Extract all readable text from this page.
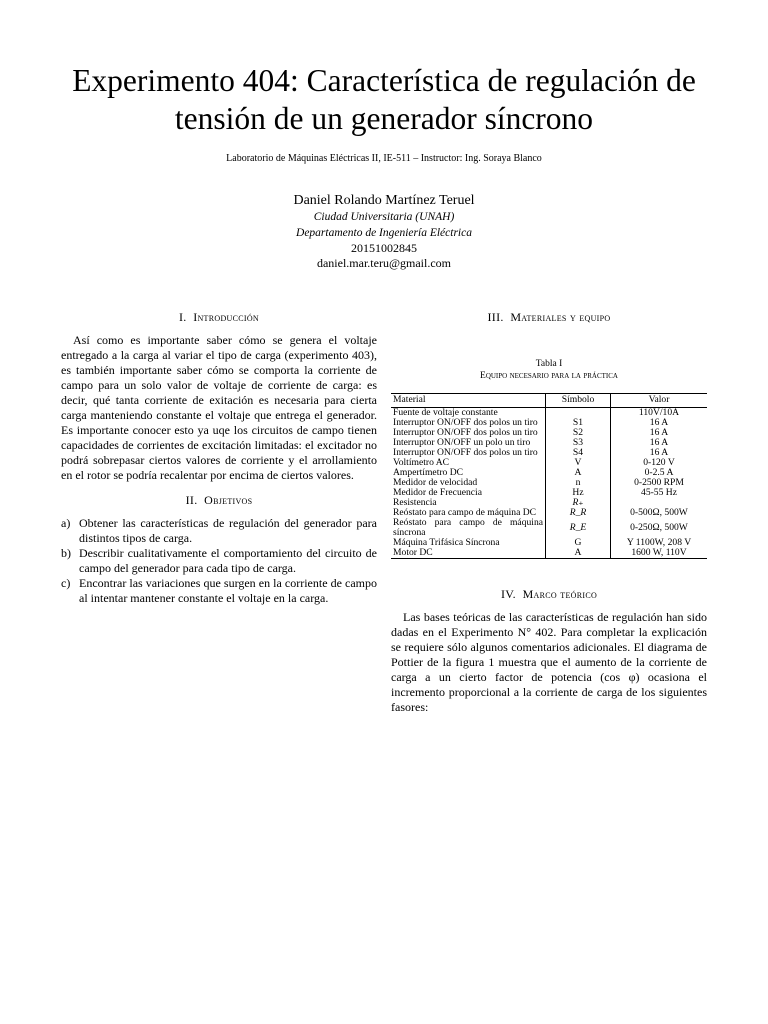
Experimento 404: Característica de regulación de tensión de un generador síncrono
Laboratorio de Máquinas Eléctricas II, IE-511 – Instructor: Ing. Soraya Blanco
Daniel Rolando Martínez Teruel
Ciudad Universitaria (UNAH)
Departamento de Ingeniería Eléctrica
20151002845
daniel.mar.teru@gmail.com
I. Introducción

Así como es importante saber cómo se genera el voltaje entregado a la carga al variar el tipo de carga (experimento 403), es también importante saber cómo se comporta la corriente de campo para un solo valor de voltaje de corriente de carga: es decir, qué tanta corriente de exitación es necesaria para cierta carga manteniendo constante el voltaje que entrega el generador. Es importante conocer esto ya uqe los circuitos de campo tienen capacidades de corrientes de excitación limitadas: el excitador no podrá sobrepasar ciertos valores de corriente y el arrollamiento en el rotor se podría recalentar por encima de ciertos valores.

II. Objetivos
a) Obtener las características de regulación del generador para distintos tipos de carga.
b) Describir cualitativamente el comportamiento del circuito de campo del generador para cada tipo de carga.
c) Encontrar las variaciones que surgen en la corriente de campo al intentar mantener constante el voltaje en la carga.
III. Materiales y equipo
Tabla I
Equipo necesario para la práctica
Material	Símbolo	Valor
Fuente de voltaje constante		110V/10A
Interruptor ON/OFF dos polos un tiro	S1	16 A
Interruptor ON/OFF dos polos un tiro	S2	16 A
Interruptor ON/OFF un polo un tiro	S3	16 A
Interruptor ON/OFF dos polos un tiro	S4	16 A
Voltímetro AC	V	0-120 V
Ampertímetro DC	A	0-2.5 A
Medidor de velocidad	n	0-2500 RPM
Medidor de Frecuencia	Hz	45-55 Hz
Resistencia	R₊	
Reóstato para campo de máquina DC	R_R	0-500Ω, 500W
Reóstato para campo de máquina síncrona	R_E	0-250Ω, 500W
Máquina Trifásica Síncrona	G	Y 1100W, 208 V
Motor DC	A	1600 W, 110V
IV. Marco teórico

Las bases teóricas de las características de regulación han sido dadas en el Experimento N° 402. Para completar la explicación se requiere sólo algunos comentarios adicionales. El diagrama de Pottier de la figura 1 muestra que el aumento de la corriente de carga a un cierto factor de potencia (cos φ) ocasiona el incremento proporcional a la corriente de carga de los siguientes fasores:
